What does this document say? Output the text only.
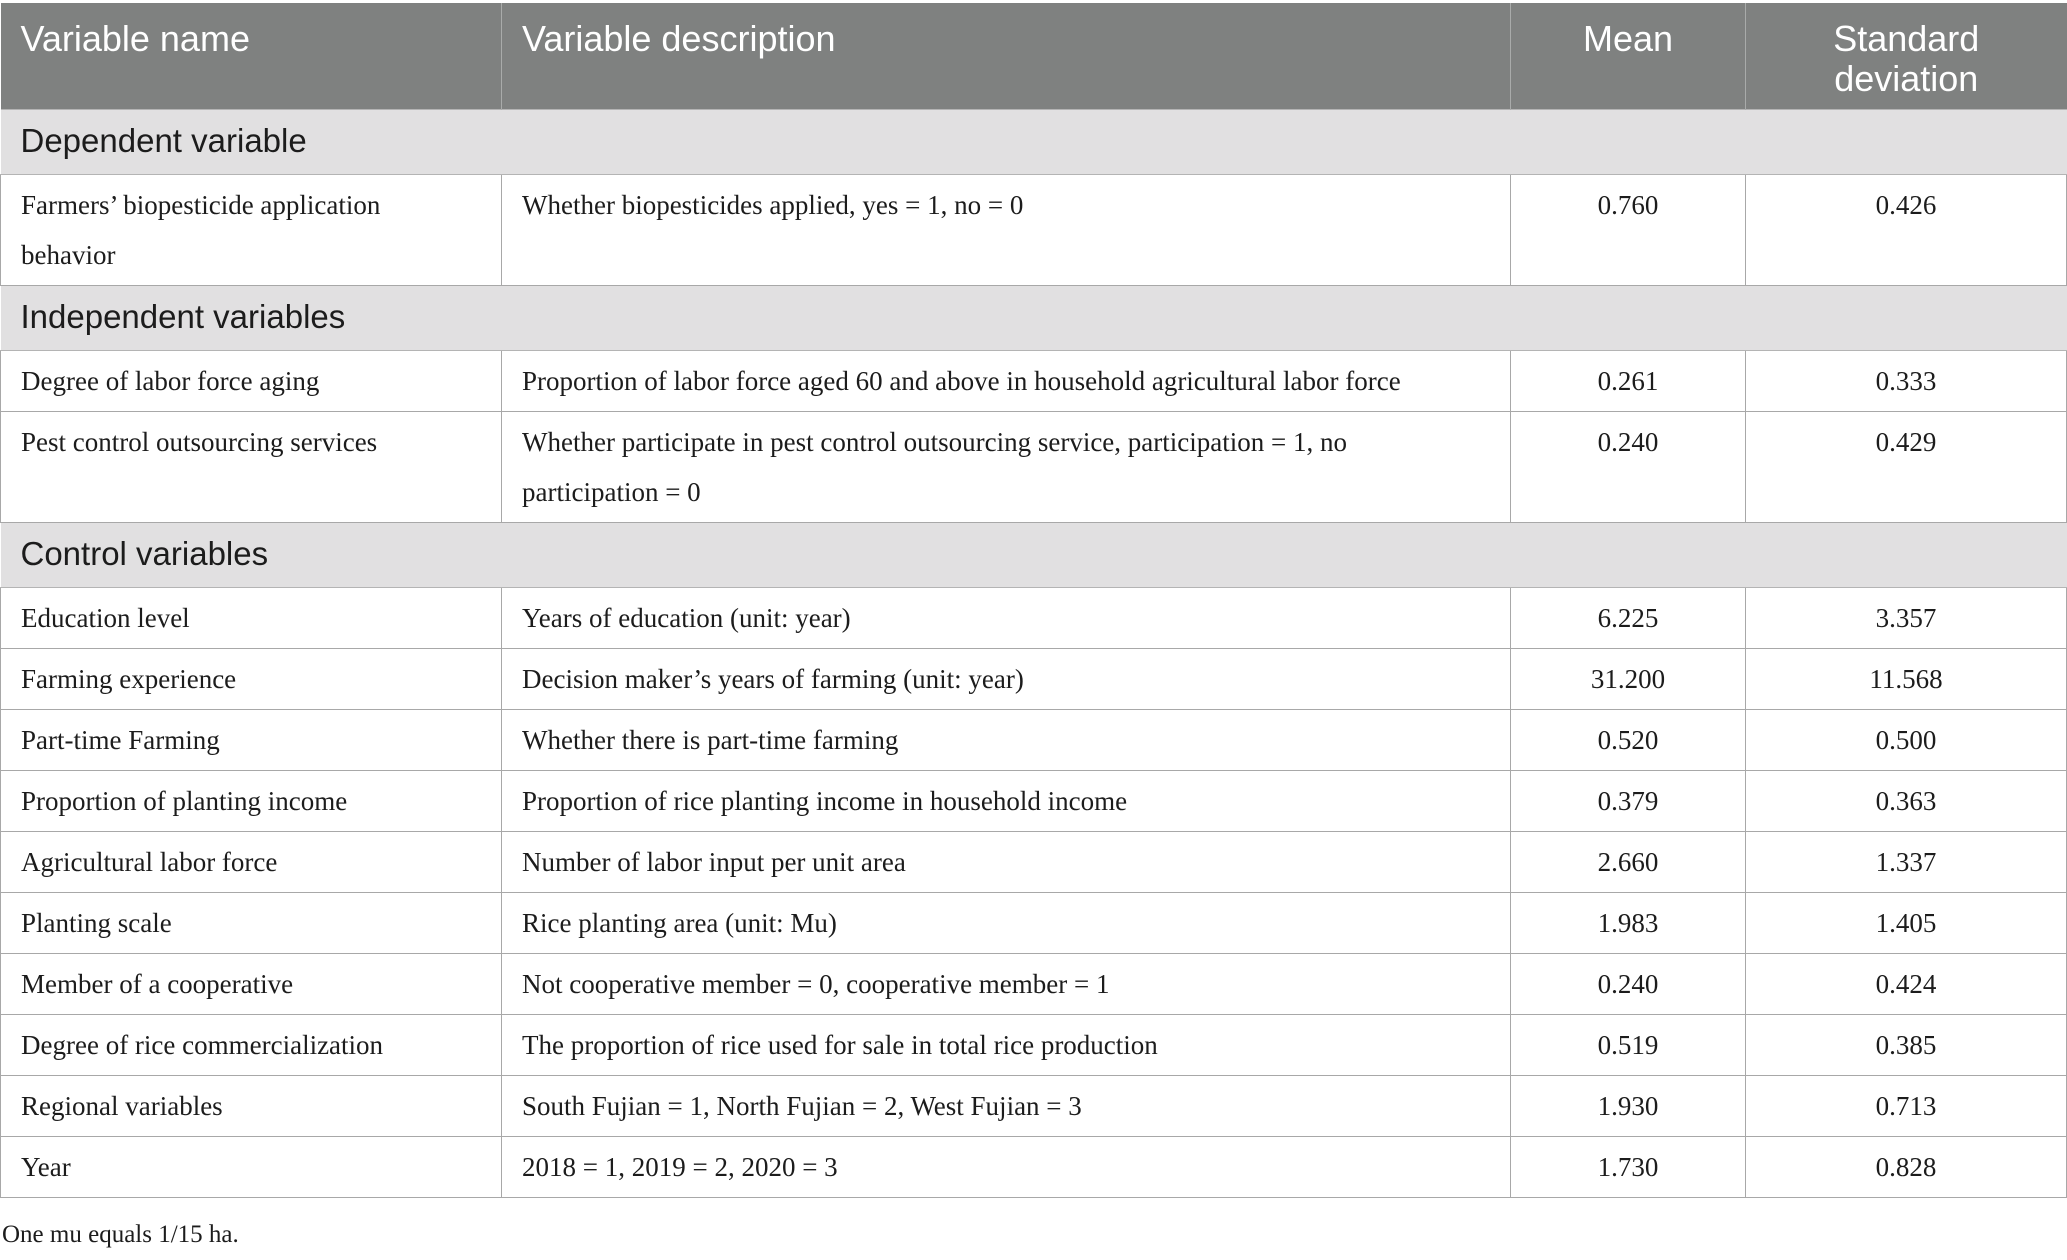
Variable name	Variable description	Mean	Standard deviation
Dependent variable			
Farmers’ biopesticide application behavior	Whether biopesticides applied, yes = 1, no = 0	0.760	0.426
Independent variables			
Degree of labor force aging	Proportion of labor force aged 60 and above in household agricultural labor force	0.261	0.333
Pest control outsourcing services	Whether participate in pest control outsourcing service, participation = 1, no participation = 0	0.240	0.429
Control variables			
Education level	Years of education (unit: year)	6.225	3.357
Farming experience	Decision maker’s years of farming (unit: year)	31.200	11.568
Part-time Farming	Whether there is part-time farming	0.520	0.500
Proportion of planting income	Proportion of rice planting income in household income	0.379	0.363
Agricultural labor force	Number of labor input per unit area	2.660	1.337
Planting scale	Rice planting area (unit: Mu)	1.983	1.405
Member of a cooperative	Not cooperative member = 0, cooperative member = 1	0.240	0.424
Degree of rice commercialization	The proportion of rice used for sale in total rice production	0.519	0.385
Regional variables	South Fujian = 1, North Fujian = 2, West Fujian = 3	1.930	0.713
Year	2018 = 1, 2019 = 2, 2020 = 3	1.730	0.828
One mu equals 1/15 ha.
